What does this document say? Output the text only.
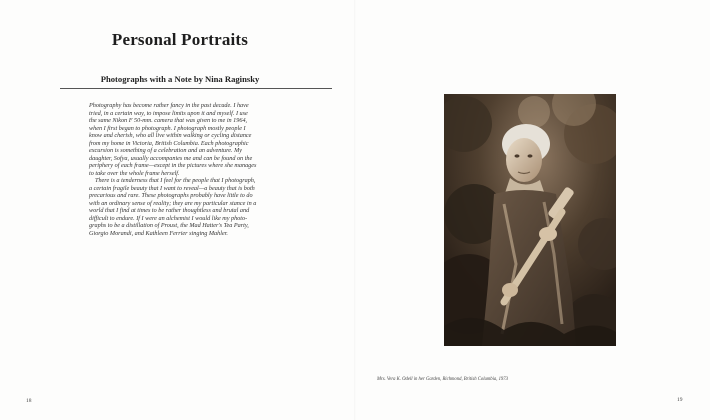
Personal Portraits
Photographs with a Note by Nina Raginsky
Photography has become rather fancy in the past decade. I have
tried, in a certain way, to impose limits upon it and myself. I use
the same Nikon F 50-mm. camera that was given to me in 1964,
when I first began to photograph. I photograph mostly people I
know and cherish, who all live within walking or cycling distance
from my home in Victoria, British Columbia. Each photographic
excursion is something of a celebration and an adventure. My
daughter, Sofya, usually accompanies me and can be found on the
periphery of each frame—except in the pictures where she manages
to take over the whole frame herself.
There is a tenderness that I feel for the people that I photograph,
a certain fragile beauty that I want to reveal—a beauty that is both
precarious and rare. These photographs probably have little to do
with an ordinary sense of reality; they are my particular stance in a
world that I find at times to be rather thoughtless and brutal and
difficult to endure. If I were an alchemist I would like my photo-
graphs to be a distillation of Proust, the Mad Hatter's Tea Party,
Giorgio Morandi, and Kathleen Ferrier singing Mahler.
Mrs. Vera K. Odell in her Garden, Richmond, British Columbia, 1973
18	19
